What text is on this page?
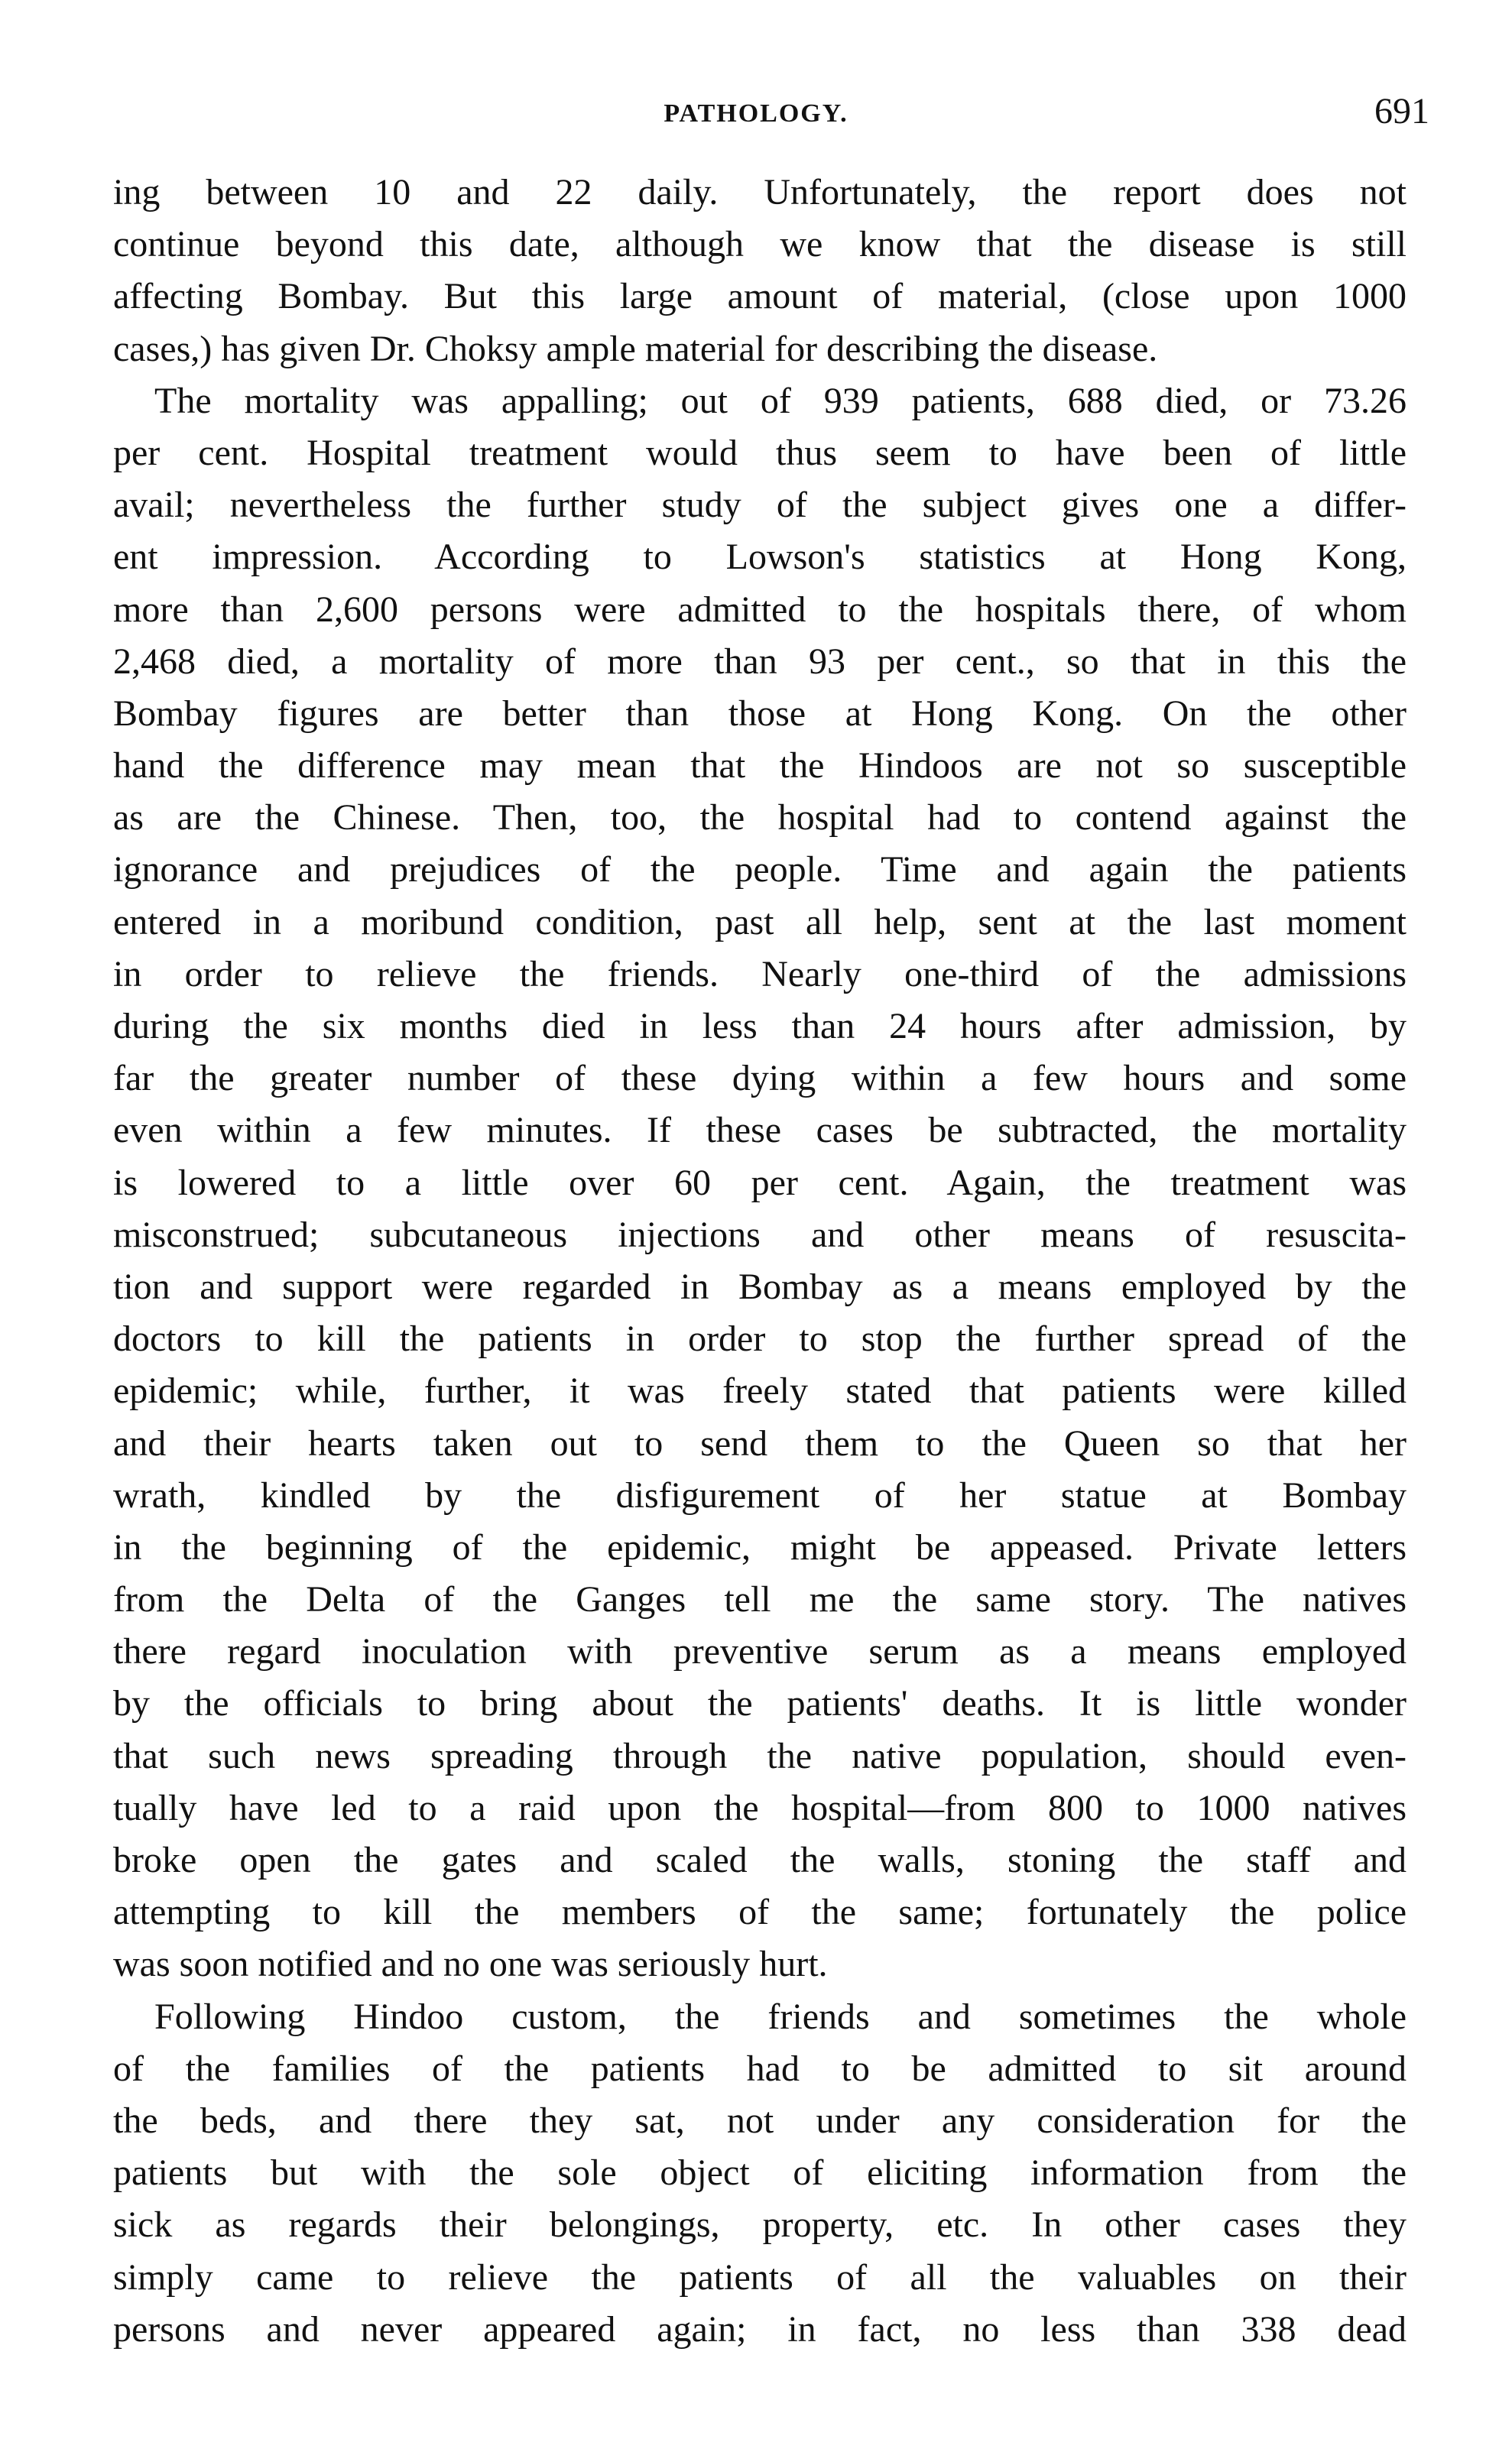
PATHOLOGY.	691
ing between 10 and 22 daily. Unfortunately, the report does not
continue beyond this date, although we know that the disease is still
affecting Bombay. But this large amount of material, (close upon 1000
cases,) has given Dr. Choksy ample material for describing the disease.
The mortality was appalling; out of 939 patients, 688 died, or 73.26
per cent. Hospital treatment would thus seem to have been of little
avail; nevertheless the further study of the subject gives one a differ-
ent impression. According to Lowson's statistics at Hong Kong,
more than 2,600 persons were admitted to the hospitals there, of whom
2,468 died, a mortality of more than 93 per cent., so that in this the
Bombay figures are better than those at Hong Kong. On the other
hand the difference may mean that the Hindoos are not so susceptible
as are the Chinese. Then, too, the hospital had to contend against the
ignorance and prejudices of the people. Time and again the patients
entered in a moribund condition, past all help, sent at the last moment
in order to relieve the friends. Nearly one-third of the admissions
during the six months died in less than 24 hours after admission, by
far the greater number of these dying within a few hours and some
even within a few minutes. If these cases be subtracted, the mortality
is lowered to a little over 60 per cent. Again, the treatment was
misconstrued; subcutaneous injections and other means of resuscita-
tion and support were regarded in Bombay as a means employed by the
doctors to kill the patients in order to stop the further spread of the
epidemic; while, further, it was freely stated that patients were killed
and their hearts taken out to send them to the Queen so that her
wrath, kindled by the disfigurement of her statue at Bombay
in the beginning of the epidemic, might be appeased. Private letters
from the Delta of the Ganges tell me the same story. The natives
there regard inoculation with preventive serum as a means employed
by the officials to bring about the patients' deaths. It is little wonder
that such news spreading through the native population, should even-
tually have led to a raid upon the hospital—from 800 to 1000 natives
broke open the gates and scaled the walls, stoning the staff and
attempting to kill the members of the same; fortunately the police
was soon notified and no one was seriously hurt.
Following Hindoo custom, the friends and sometimes the whole
of the families of the patients had to be admitted to sit around
the beds, and there they sat, not under any consideration for the
patients but with the sole object of eliciting information from the
sick as regards their belongings, property, etc. In other cases they
simply came to relieve the patients of all the valuables on their
persons and never appeared again; in fact, no less than 338 dead
